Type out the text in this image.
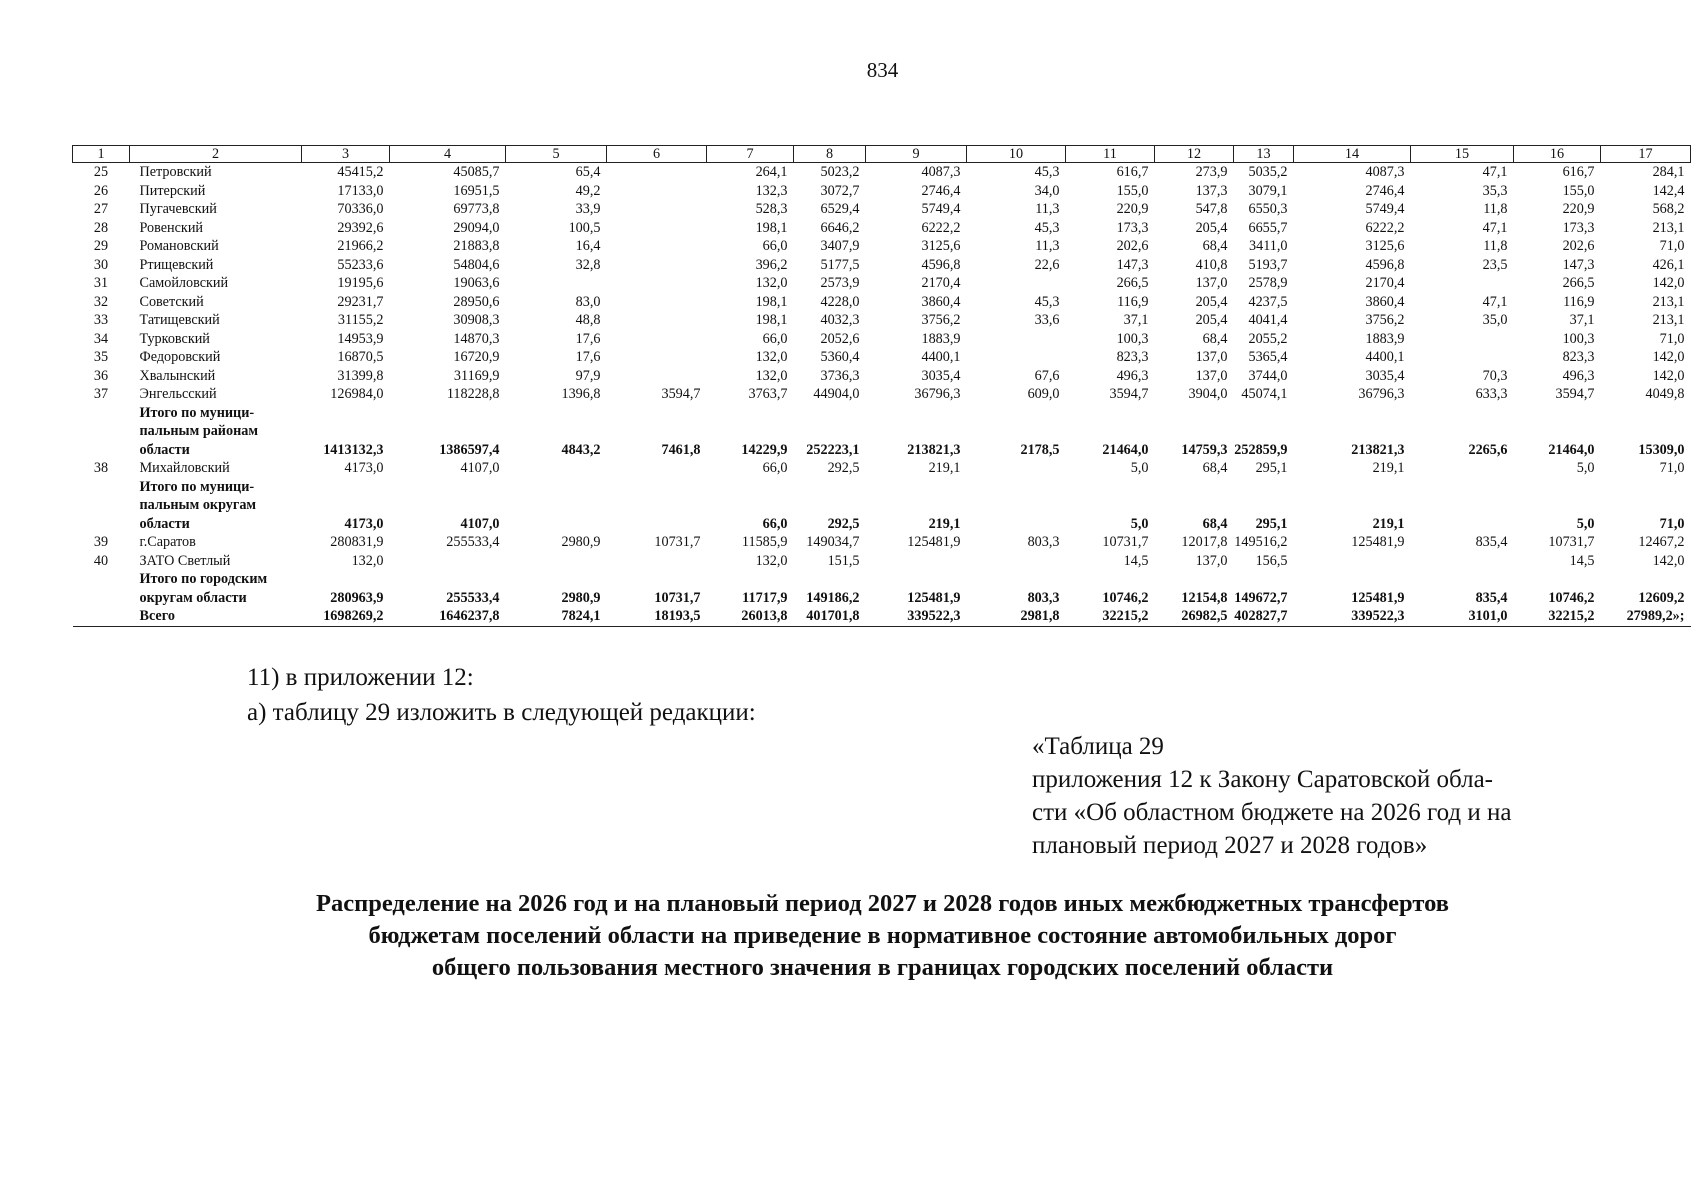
834
1	2	3	4	5	6	7	8	9	10	11	12	13	14	15	16	17
25	Петровский	45415,2	45085,7	65,4		264,1	5023,2	4087,3	45,3	616,7	273,9	5035,2	4087,3	47,1	616,7	284,1
26	Питерский	17133,0	16951,5	49,2		132,3	3072,7	2746,4	34,0	155,0	137,3	3079,1	2746,4	35,3	155,0	142,4
27	Пугачевский	70336,0	69773,8	33,9		528,3	6529,4	5749,4	11,3	220,9	547,8	6550,3	5749,4	11,8	220,9	568,2
28	Ровенский	29392,6	29094,0	100,5		198,1	6646,2	6222,2	45,3	173,3	205,4	6655,7	6222,2	47,1	173,3	213,1
29	Романовский	21966,2	21883,8	16,4		66,0	3407,9	3125,6	11,3	202,6	68,4	3411,0	3125,6	11,8	202,6	71,0
30	Ртищевский	55233,6	54804,6	32,8		396,2	5177,5	4596,8	22,6	147,3	410,8	5193,7	4596,8	23,5	147,3	426,1
31	Самойловский	19195,6	19063,6			132,0	2573,9	2170,4		266,5	137,0	2578,9	2170,4		266,5	142,0
32	Советский	29231,7	28950,6	83,0		198,1	4228,0	3860,4	45,3	116,9	205,4	4237,5	3860,4	47,1	116,9	213,1
33	Татищевский	31155,2	30908,3	48,8		198,1	4032,3	3756,2	33,6	37,1	205,4	4041,4	3756,2	35,0	37,1	213,1
34	Турковский	14953,9	14870,3	17,6		66,0	2052,6	1883,9		100,3	68,4	2055,2	1883,9		100,3	71,0
35	Федоровский	16870,5	16720,9	17,6		132,0	5360,4	4400,1		823,3	137,0	5365,4	4400,1		823,3	142,0
36	Хвалынский	31399,8	31169,9	97,9		132,0	3736,3	3035,4	67,6	496,3	137,0	3744,0	3035,4	70,3	496,3	142,0
37	Энгельсский	126984,0	118228,8	1396,8	3594,7	3763,7	44904,0	36796,3	609,0	3594,7	3904,0	45074,1	36796,3	633,3	3594,7	4049,8
	Итого по муници-															
	пальным районам															
	области	1413132,3	1386597,4	4843,2	7461,8	14229,9	252223,1	213821,3	2178,5	21464,0	14759,3	252859,9	213821,3	2265,6	21464,0	15309,0
38	Михайловский	4173,0	4107,0			66,0	292,5	219,1		5,0	68,4	295,1	219,1		5,0	71,0
	Итого по муници-															
	пальным округам															
	области	4173,0	4107,0			66,0	292,5	219,1		5,0	68,4	295,1	219,1		5,0	71,0
39	г.Саратов	280831,9	255533,4	2980,9	10731,7	11585,9	149034,7	125481,9	803,3	10731,7	12017,8	149516,2	125481,9	835,4	10731,7	12467,2
40	ЗАТО Светлый	132,0				132,0	151,5			14,5	137,0	156,5			14,5	142,0
	Итого по городским															
	округам области	280963,9	255533,4	2980,9	10731,7	11717,9	149186,2	125481,9	803,3	10746,2	12154,8	149672,7	125481,9	835,4	10746,2	12609,2
	Всего	1698269,2	1646237,8	7824,1	18193,5	26013,8	401701,8	339522,3	2981,8	32215,2	26982,5	402827,7	339522,3	3101,0	32215,2	27989,2»;
11) в приложении 12:
а) таблицу 29 изложить в следующей редакции:
«Таблица 29
приложения 12 к Закону Саратовской обла-
сти «Об областном бюджете на 2026 год и на
плановый период 2027 и 2028 годов»
Распределение на 2026 год и на плановый период 2027 и 2028 годов иных межбюджетных трансфертов
бюджетам поселений области на приведение в нормативное состояние автомобильных дорог
общего пользования местного значения в границах городских поселений области
